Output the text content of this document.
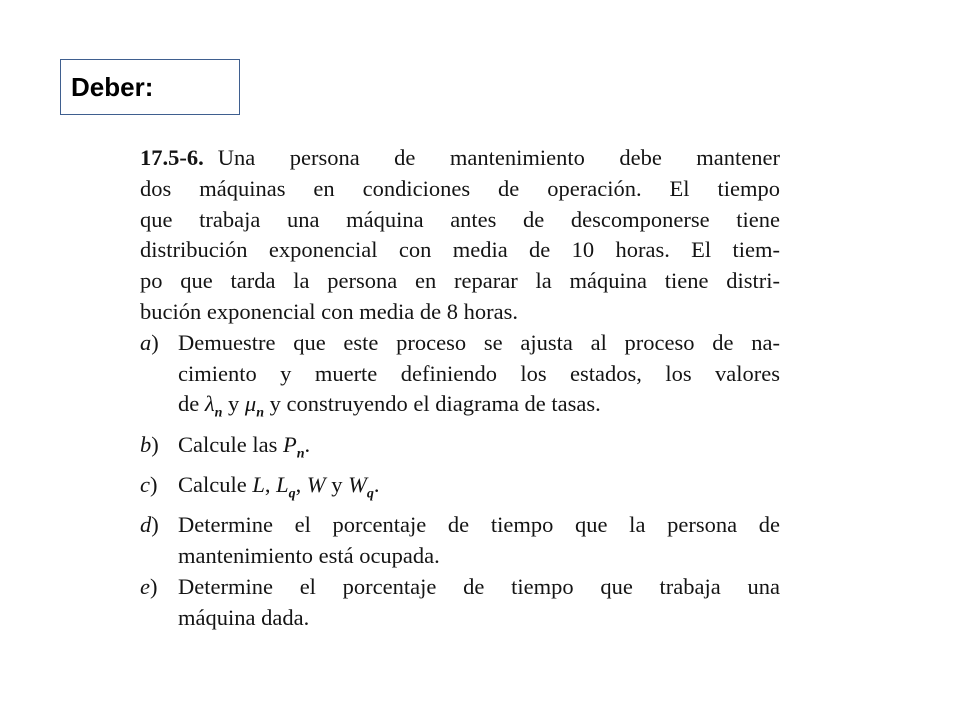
Deber:
17.5-6. Una persona de mantenimiento debe mantener
dos máquinas en condiciones de operación. El tiempo
que trabaja una máquina antes de descomponerse tiene
distribución exponencial con media de 10 horas. El tiem-
po que tarda la persona en reparar la máquina tiene distri-
bución exponencial con media de 8 horas.
a) Demuestre que este proceso se ajusta al proceso de na-
cimiento y muerte definiendo los estados, los valores
de $\lambda_n$ y $\mu_n$ y construyendo el diagrama de tasas.
b) Calcule las $P_n$.
c) Calcule L, $L_q$, W y $W_q$.
d) Determine el porcentaje de tiempo que la persona de
mantenimiento está ocupada.
e) Determine el porcentaje de tiempo que trabaja una
máquina dada.
